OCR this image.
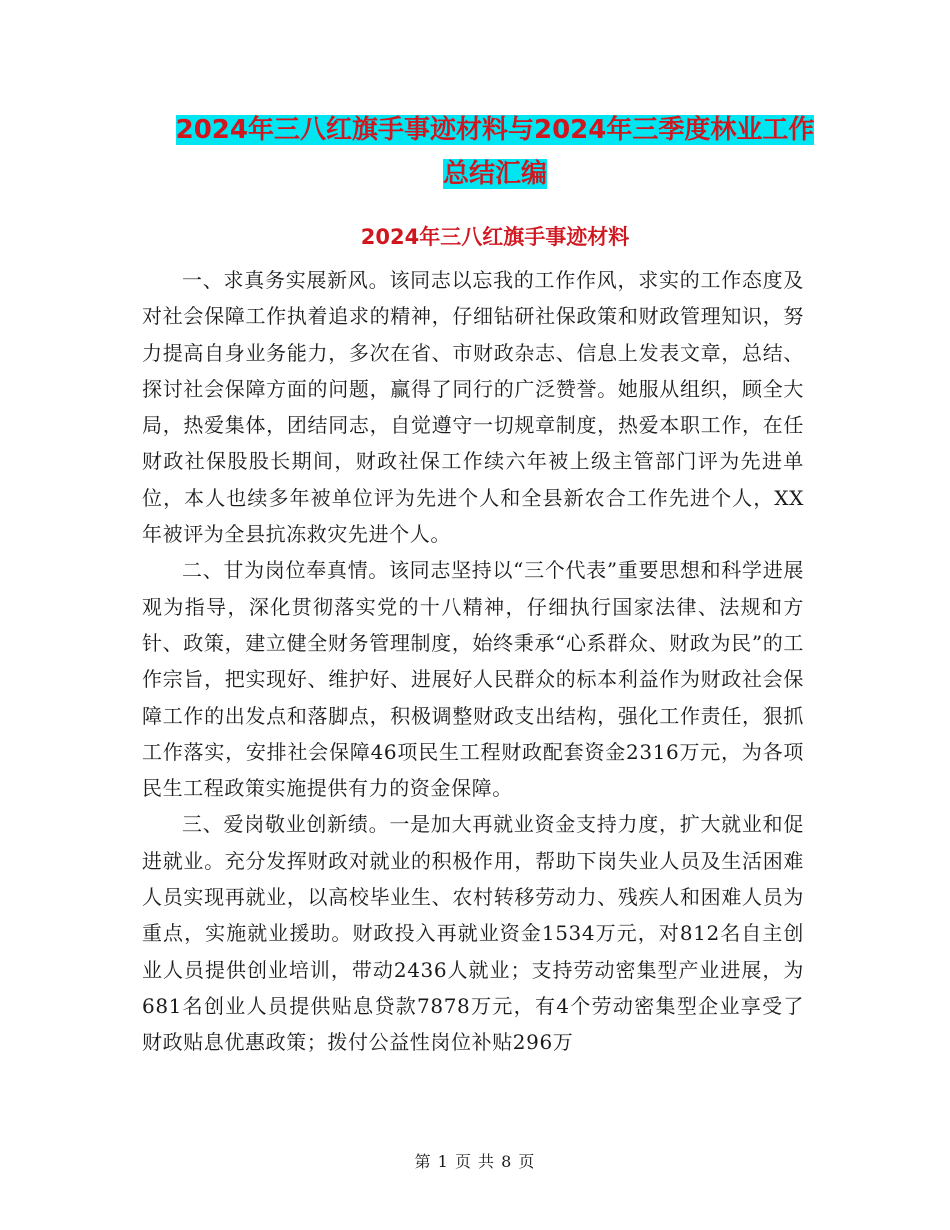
2024年三八红旗手事迹材料与2024年三季度林业工作
总结汇编
2024年三八红旗手事迹材料

一、求真务实展新风。该同志以忘我的工作作风，求实的工作态度及对社会保障工作执着追求的精神，仔细钻研社保政策和财政管理知识，努力提高自身业务能力，多次在省、市财政杂志、信息上发表文章，总结、探讨社会保障方面的问题，赢得了同行的广泛赞誉。她服从组织，顾全大局，热爱集体，团结同志，自觉遵守一切规章制度，热爱本职工作，在任财政社保股股长期间，财政社保工作续六年被上级主管部门评为先进单位，本人也续多年被单位评为先进个人和全县新农合工作先进个人，XX年被评为全县抗冻救灾先进个人。

二、甘为岗位奉真情。该同志坚持以“三个代表”重要思想和科学进展观为指导，深化贯彻落实党的十八精神，仔细执行国家法律、法规和方针、政策，建立健全财务管理制度，始终秉承“心系群众、财政为民”的工作宗旨，把实现好、维护好、进展好人民群众的标本利益作为财政社会保障工作的出发点和落脚点，积极调整财政支出结构，强化工作责任，狠抓工作落实，安排社会保障46项民生工程财政配套资金2316万元，为各项民生工程政策实施提供有力的资金保障。

三、爱岗敬业创新绩。一是加大再就业资金支持力度，扩大就业和促进就业。充分发挥财政对就业的积极作用，帮助下岗失业人员及生活困难人员实现再就业，以高校毕业生、农村转移劳动力、残疾人和困难人员为重点，实施就业援助。财政投入再就业资金1534万元，对812名自主创业人员提供创业培训，带动2436人就业；支持劳动密集型产业进展，为681名创业人员提供贴息贷款7878万元，有4个劳动密集型企业享受了财政贴息优惠政策；拨付公益性岗位补贴296万

第 1 页 共 8 页
